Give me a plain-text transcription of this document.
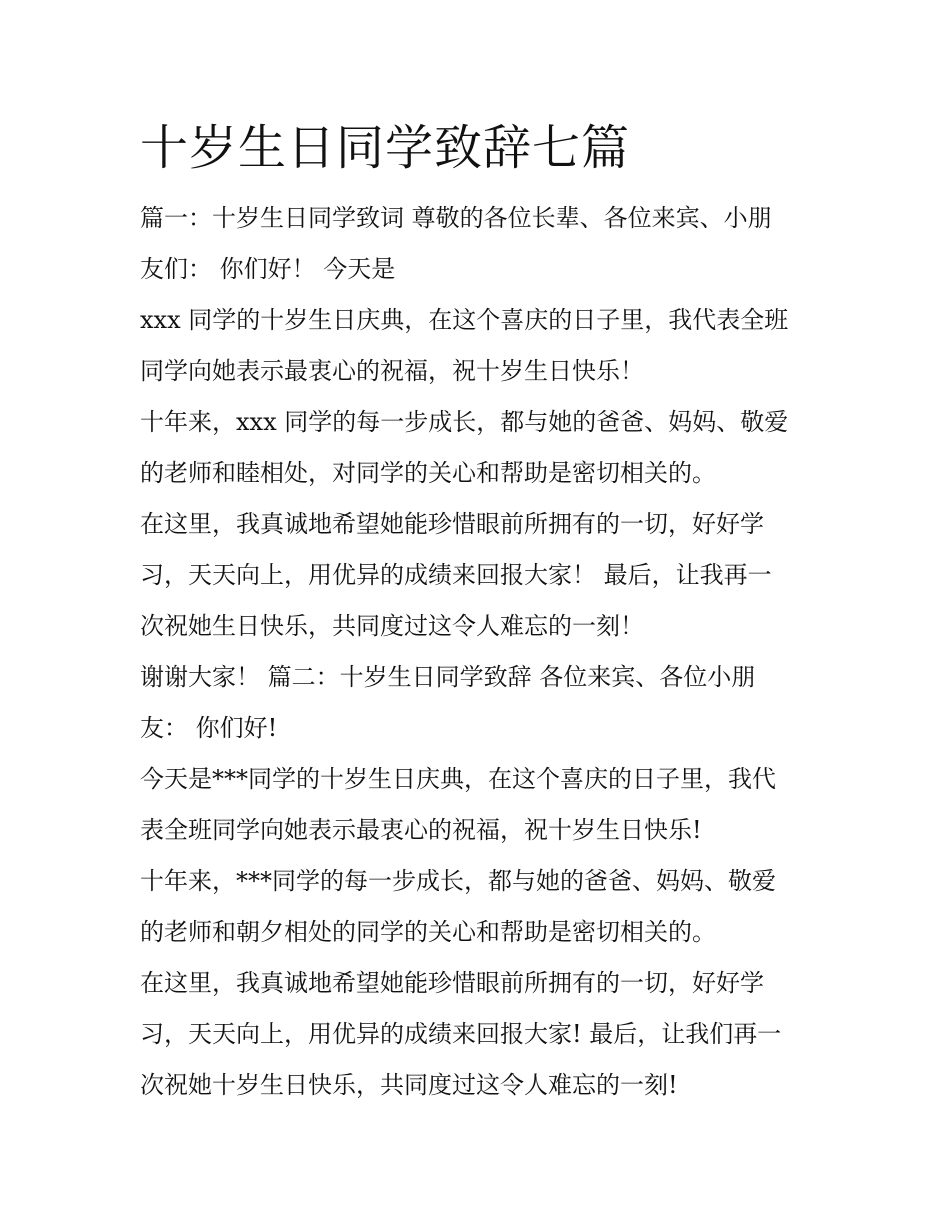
十岁生日同学致辞七篇
篇一：十岁生日同学致词 尊敬的各位长辈、各位来宾、小朋
友们： 你们好！ 今天是
xxx 同学的十岁生日庆典，在这个喜庆的日子里，我代表全班
同学向她表示最衷心的祝福，祝十岁生日快乐！
十年来，xxx 同学的每一步成长，都与她的爸爸、妈妈、敬爱
的老师和睦相处，对同学的关心和帮助是密切相关的。
在这里，我真诚地希望她能珍惜眼前所拥有的一切，好好学
习，天天向上，用优异的成绩来回报大家！ 最后，让我再一
次祝她生日快乐，共同度过这令人难忘的一刻！
谢谢大家！ 篇二：十岁生日同学致辞 各位来宾、各位小朋
友： 你们好!
今天是***同学的十岁生日庆典，在这个喜庆的日子里，我代
表全班同学向她表示最衷心的祝福，祝十岁生日快乐!
十年来，***同学的每一步成长，都与她的爸爸、妈妈、敬爱
的老师和朝夕相处的同学的关心和帮助是密切相关的。
在这里，我真诚地希望她能珍惜眼前所拥有的一切，好好学
习，天天向上，用优异的成绩来回报大家! 最后，让我们再一
次祝她十岁生日快乐，共同度过这令人难忘的一刻!
